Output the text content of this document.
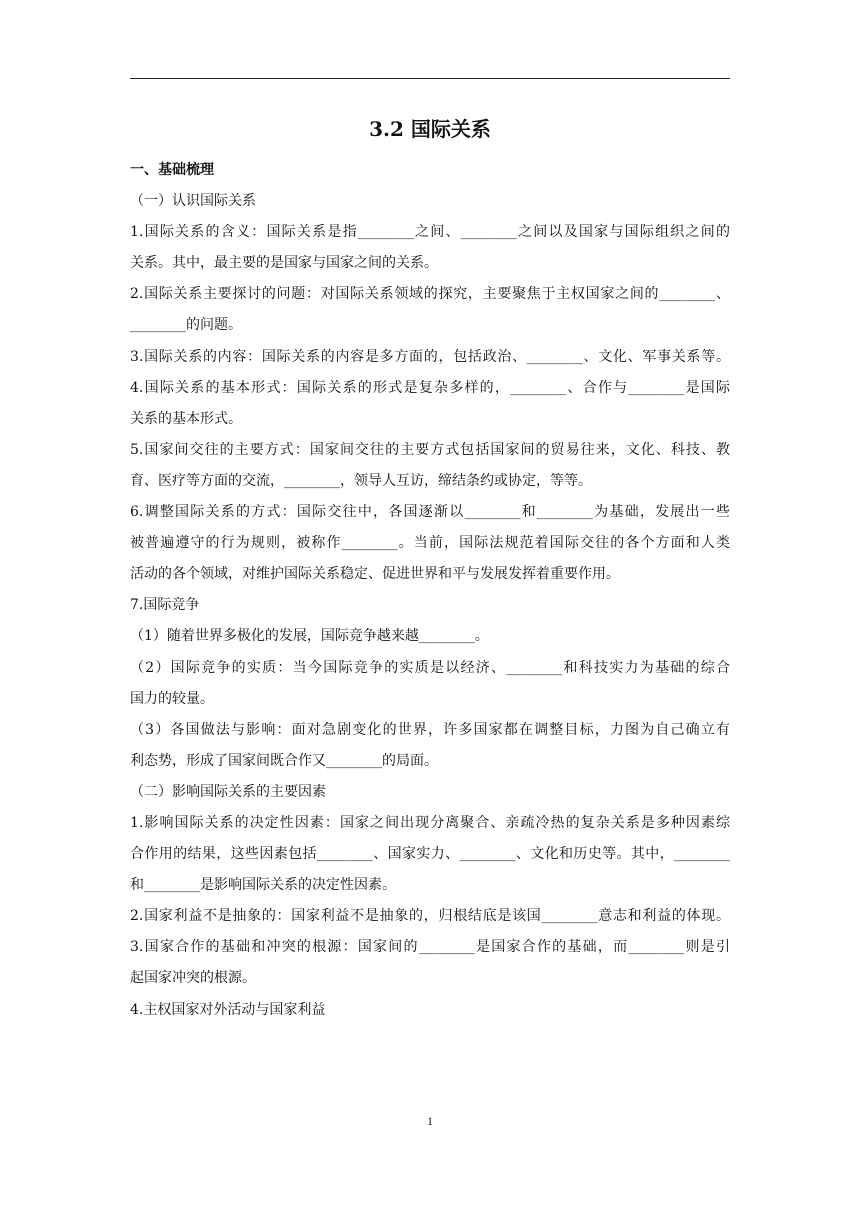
3.2 国际关系
一、基础梳理
（一）认识国际关系
1.国际关系的含义：国际关系是指________之间、________之间以及国家与国际组织之间的
关系。其中，最主要的是国家与国家之间的关系。
2.国际关系主要探讨的问题：对国际关系领域的探究，主要聚焦于主权国家之间的________、
________的问题。
3.国际关系的内容：国际关系的内容是多方面的，包括政治、________、文化、军事关系等。
4.国际关系的基本形式：国际关系的形式是复杂多样的，________、合作与________是国际
关系的基本形式。
5.国家间交往的主要方式：国家间交往的主要方式包括国家间的贸易往来，文化、科技、教
育、医疗等方面的交流，________，领导人互访，缔结条约或协定，等等。
6.调整国际关系的方式：国际交往中，各国逐渐以________和________为基础，发展出一些
被普遍遵守的行为规则，被称作________。当前，国际法规范着国际交往的各个方面和人类
活动的各个领域，对维护国际关系稳定、促进世界和平与发展发挥着重要作用。
7.国际竞争
（1）随着世界多极化的发展，国际竞争越来越________。
（2）国际竞争的实质：当今国际竞争的实质是以经济、________和科技实力为基础的综合
国力的较量。
（3）各国做法与影响：面对急剧变化的世界，许多国家都在调整目标，力图为自己确立有
利态势，形成了国家间既合作又________的局面。
（二）影响国际关系的主要因素
1.影响国际关系的决定性因素：国家之间出现分离聚合、亲疏冷热的复杂关系是多种因素综
合作用的结果，这些因素包括________、国家实力、________、文化和历史等。其中，________
和________是影响国际关系的决定性因素。
2.国家利益不是抽象的：国家利益不是抽象的，归根结底是该国________意志和利益的体现。
3.国家合作的基础和冲突的根源：国家间的________是国家合作的基础，而________则是引
起国家冲突的根源。
4.主权国家对外活动与国家利益
1
